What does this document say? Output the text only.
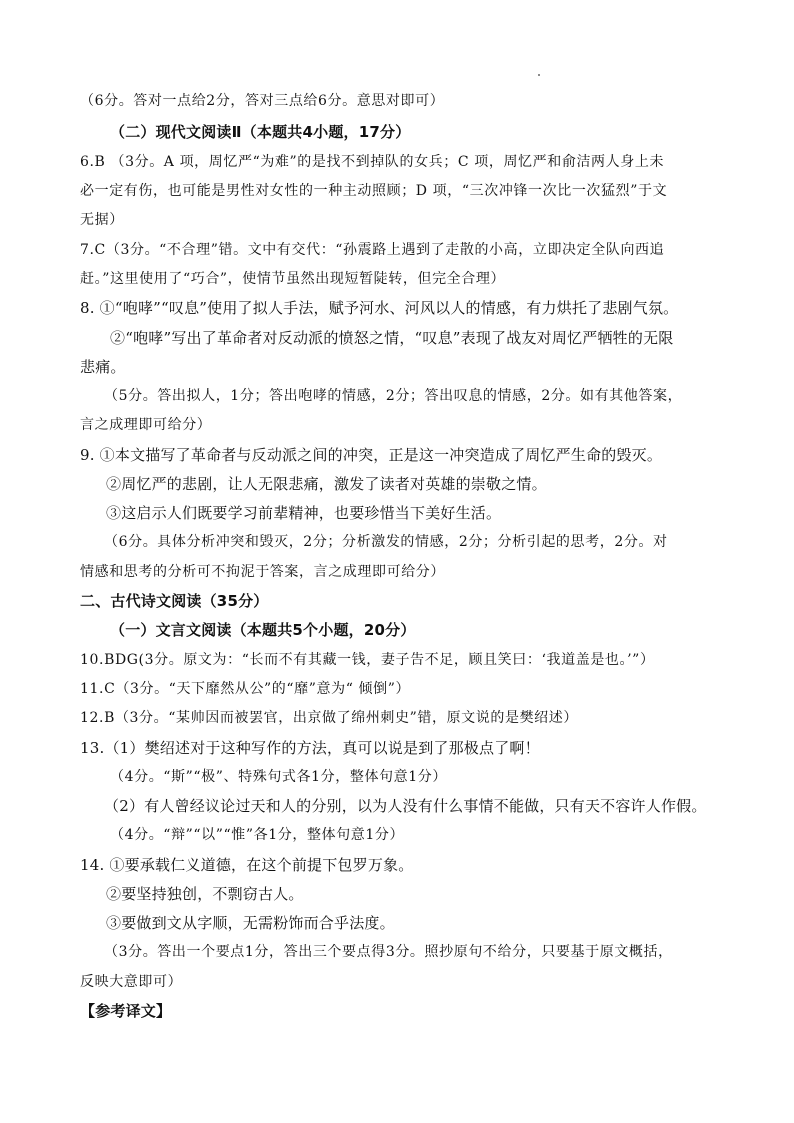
（6分。答对一点给2分，答对三点给6分。意思对即可）
（二）现代文阅读Ⅱ（本题共4小题，17分）
6.B （3分。A 项，周忆严“为难”的是找不到掉队的女兵；C 项，周忆严和俞洁两人身上未
必一定有伤，也可能是男性对女性的一种主动照顾；D 项，“三次冲锋一次比一次猛烈”于文
无据）
7.C（3分。“不合理”错。文中有交代：“孙震路上遇到了走散的小高，立即决定全队向西追
赶。”这里使用了“巧合”，使情节虽然出现短暂陡转，但完全合理）
8. ①“咆哮”“叹息”使用了拟人手法，赋予河水、河风以人的情感，有力烘托了悲剧气氛。
②“咆哮”写出了革命者对反动派的愤怒之情，“叹息”表现了战友对周忆严牺牲的无限
悲痛。
（5分。答出拟人，1分；答出咆哮的情感，2分；答出叹息的情感，2分。如有其他答案，
言之成理即可给分）
9. ①本文描写了革命者与反动派之间的冲突，正是这一冲突造成了周忆严生命的毁灭。
②周忆严的悲剧，让人无限悲痛，激发了读者对英雄的崇敬之情。
③这启示人们既要学习前辈精神，也要珍惜当下美好生活。
（6分。具体分析冲突和毁灭，2分；分析激发的情感，2分；分析引起的思考，2分。对
情感和思考的分析可不拘泥于答案，言之成理即可给分）
二、古代诗文阅读（35分）
（一）文言文阅读（本题共5个小题，20分）
10.BDG(3分。原文为：“长而不有其藏一钱，妻子告不足，顾且笑曰：‘我道盖是也。’”）
11.C（3分。“天下靡然从公”的“靡”意为“ 倾倒”）
12.B（3分。“某帅因而被罢官，出京做了绵州刺史”错，原文说的是樊绍述）
13.（1）樊绍述对于这种写作的方法，真可以说是到了那极点了啊！
（4分。“斯”“极”、特殊句式各1分，整体句意1分）
（2）有人曾经议论过天和人的分别，以为人没有什么事情不能做，只有天不容许人作假。
（4分。“辩”“以”“惟”各1分，整体句意1分）
14. ①要承载仁义道德，在这个前提下包罗万象。
②要坚持独创，不剽窃古人。
③要做到文从字顺，无需粉饰而合乎法度。
（3分。答出一个要点1分，答出三个要点得3分。照抄原句不给分，只要基于原文概括，
反映大意即可）
【参考译文】
